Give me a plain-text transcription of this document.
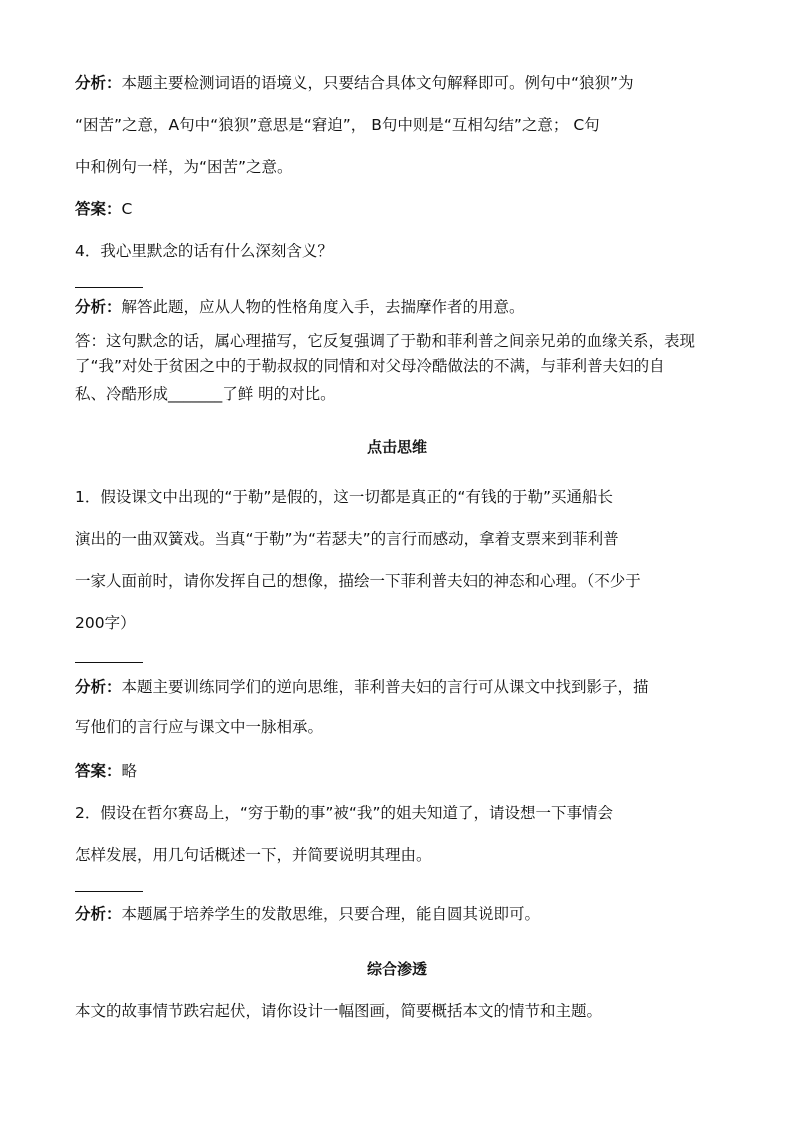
分析：本题主要检测词语的语境义，只要结合具体文句解释即可。例句中“狼狈”为
“困苦”之意，A句中“狼狈”意思是“窘迫”， B句中则是“互相勾结”之意； C句
中和例句一样，为“困苦”之意。
答案：C
4．我心里默念的话有什么深刻含义？
分析：解答此题，应从人物的性格角度入手，去揣摩作者的用意。
答：这句默念的话，属心理描写，它反复强调了于勒和菲利普之间亲兄弟的血缘关系，表现
了“我”对处于贫困之中的于勒叔叔的同情和对父母冷酷做法的不满，与菲利普夫妇的自
私、冷酷形成_______了鲜 明的对比。
点击思维
1．假设课文中出现的“于勒”是假的，这一切都是真正的“有钱的于勒”买通船长
演出的一曲双簧戏。当真“于勒”为“若瑟夫”的言行而感动，拿着支票来到菲利普
一家人面前时，请你发挥自己的想像，描绘一下菲利普夫妇的神态和心理。（不少于
200字）
分析：本题主要训练同学们的逆向思维，菲利普夫妇的言行可从课文中找到影子，描
写他们的言行应与课文中一脉相承。
答案：略
2．假设在哲尔赛岛上，“穷于勒的事”被“我”的姐夫知道了，请设想一下事情会
怎样发展，用几句话概述一下，并简要说明其理由。
分析：本题属于培养学生的发散思维，只要合理，能自圆其说即可。
综合渗透
本文的故事情节跌宕起伏，请你设计一幅图画，简要概括本文的情节和主题。
